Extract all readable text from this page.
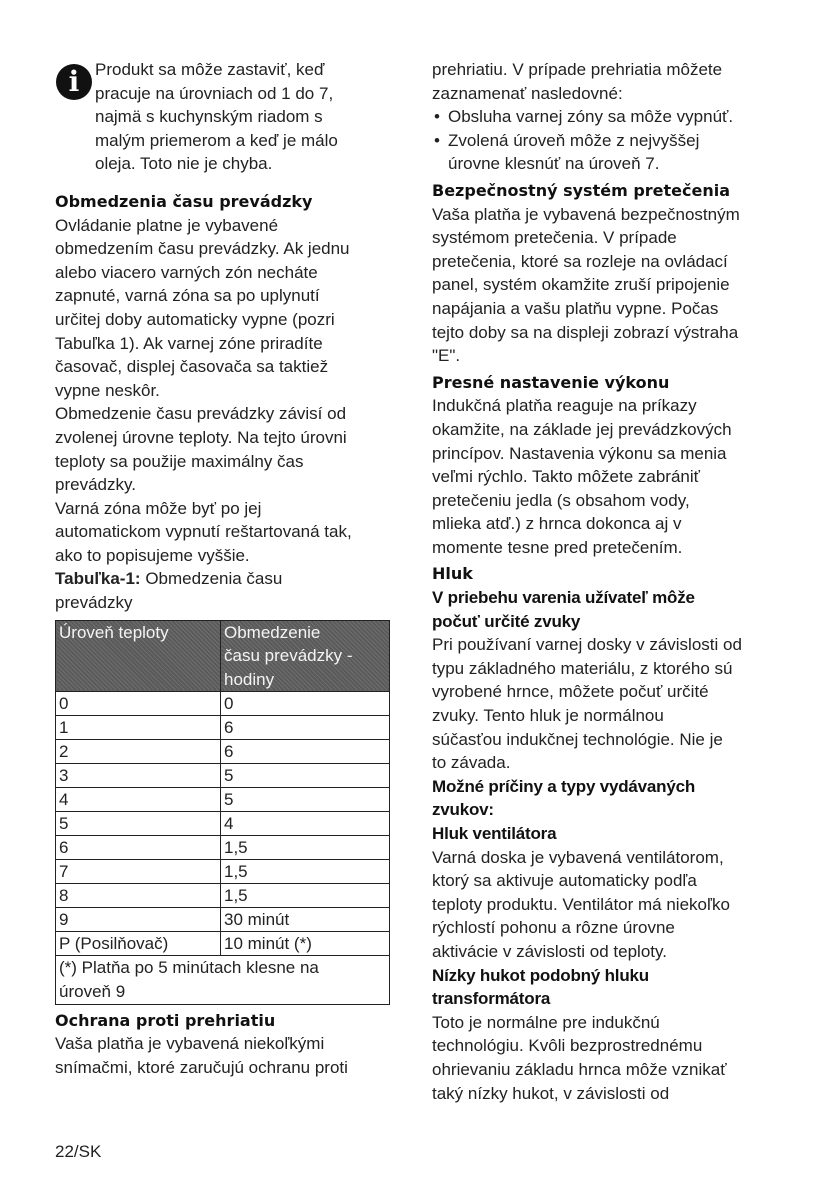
i Produkt sa môže zastaviť, keď
pracuje na úrovniach od 1 do 7,
najmä s kuchynským riadom s
malým priemerom a keď je málo
oleja. Toto nie je chyba.

Obmedzenia času prevádzky

Ovládanie platne je vybavené
obmedzením času prevádzky. Ak jednu
alebo viacero varných zón necháte
zapnuté, varná zóna sa po uplynutí
určitej doby automaticky vypne (pozri
Tabuľka 1). Ak varnej zóne priradíte
časovač, displej časovača sa taktiež
vypne neskôr.

Obmedzenie času prevádzky závisí od
zvolenej úrovne teploty. Na tejto úrovni
teploty sa použije maximálny čas
prevádzky.

Varná zóna môže byť po jej
automatickom vypnutí reštartovaná tak,
ako to popisujeme vyššie.

Tabuľka-1: Obmedzenia času
prevádzky

Úroveň teploty	Obmedzenie
času prevádzky -
hodiny
0	0
1	6
2	6
3	5
4	5
5	4
6	1,5
7	1,5
8	1,5
9	30 minút
P (Posilňovač)	10 minút (*)
(*) Platňa po 5 minútach klesne na
úroveň 9	

Ochrana proti prehriatiu

Vaša platňa je vybavená niekoľkými
snímačmi, ktoré zaručujú ochranu proti

prehriatiu. V prípade prehriatia môžete
zaznamenať nasledovné:

• Obsluha varnej zóny sa môže vypnúť.
• Zvolená úroveň môže z nejvyššej
úrovne klesnúť na úroveň 7.

Bezpečnostný systém pretečenia

Vaša platňa je vybavená bezpečnostným
systémom pretečenia. V prípade
pretečenia, ktoré sa rozleje na ovládací
panel, systém okamžite zruší pripojenie
napájania a vašu platňu vypne. Počas
tejto doby sa na displeji zobrazí výstraha
"E".

Presné nastavenie výkonu

Indukčná platňa reaguje na príkazy
okamžite, na základe jej prevádzkových
princípov. Nastavenia výkonu sa menia
veľmi rýchlo. Takto môžete zabrániť
pretečeniu jedla (s obsahom vody,
mlieka atď.) z hrnca dokonca aj v
momente tesne pred pretečením.

Hluk

V priebehu varenia užívateľ môže
počuť určité zvuky

Pri používaní varnej dosky v závislosti od
typu základného materiálu, z ktorého sú
vyrobené hrnce, môžete počuť určité
zvuky. Tento hluk je normálnou
súčasťou indukčnej technológie. Nie je
to závada.

Možné príčiny a typy vydávaných
zvukov:

Hluk ventilátora

Varná doska je vybavená ventilátorom,
ktorý sa aktivuje automaticky podľa
teploty produktu. Ventilátor má niekoľko
rýchlostí pohonu a rôzne úrovne
aktivácie v závislosti od teploty.

Nízky hukot podobný hluku
transformátora

Toto je normálne pre indukčnú
technológiu. Kvôli bezprostrednému
ohrievaniu základu hrnca môže vznikať
taký nízky hukot, v závislosti od

22/SK
